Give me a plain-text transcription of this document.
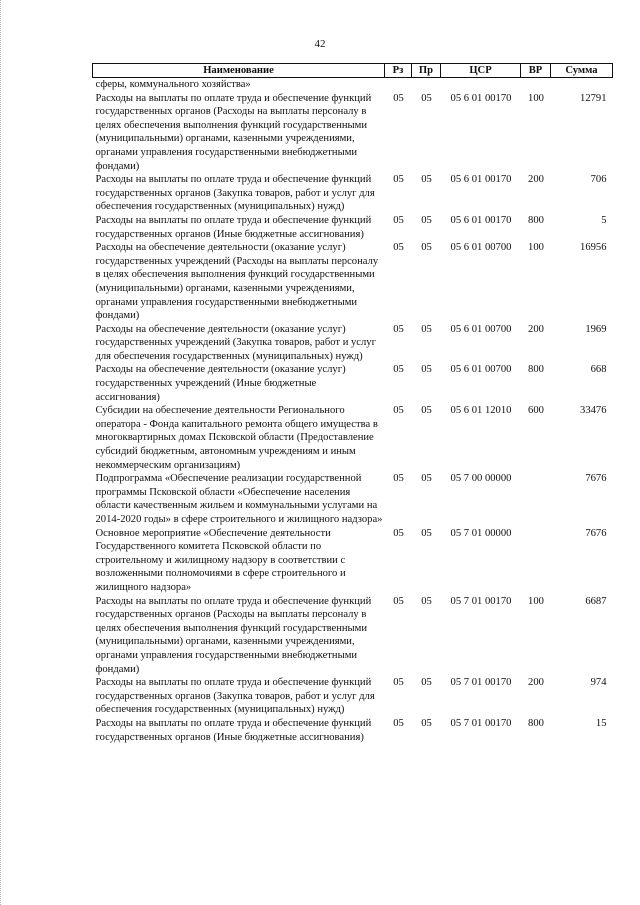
42
Наименование	Рз	Пр	ЦСР	ВР	Сумма
сферы, коммунального хозяйства»					
Расходы на выплаты по оплате труда и обеспечение функций государственных органов (Расходы на выплаты персоналу в целях обеспечения выполнения функций государственными (муниципальными) органами, казенными учреждениями, органами управления государственными внебюджетными фондами)	05	05	05 6 01 00170	100	12791
Расходы на выплаты по оплате труда и обеспечение функций государственных органов (Закупка товаров, работ и услуг для обеспечения государственных (муниципальных) нужд)	05	05	05 6 01 00170	200	706
Расходы на выплаты по оплате труда и обеспечение функций государственных органов (Иные бюджетные ассигнования)	05	05	05 6 01 00170	800	5
Расходы на обеспечение деятельности (оказание услуг) государственных учреждений (Расходы на выплаты персоналу в целях обеспечения выполнения функций государственными (муниципальными) органами, казенными учреждениями, органами управления государственными внебюджетными фондами)	05	05	05 6 01 00700	100	16956
Расходы на обеспечение деятельности (оказание услуг) государственных учреждений (Закупка товаров, работ и услуг для обеспечения государственных (муниципальных) нужд)	05	05	05 6 01 00700	200	1969
Расходы на обеспечение деятельности (оказание услуг) государственных учреждений (Иные бюджетные ассигнования)	05	05	05 6 01 00700	800	668
Субсидии на обеспечение деятельности Регионального оператора - Фонда капитального ремонта общего имущества в многоквартирных домах Псковской области (Предоставление субсидий бюджетным, автономным учреждениям и иным некоммерческим организациям)	05	05	05 6 01 12010	600	33476
Подпрограмма «Обеспечение реализации государственной программы Псковской области «Обеспечение населения области качественным жильем и коммунальными услугами на 2014-2020 годы» в сфере строительного и жилищного надзора»	05	05	05 7 00 00000		7676
Основное мероприятие «Обеспечение деятельности Государственного комитета Псковской области по строительному и жилищному надзору в соответствии с возложенными полномочиями в сфере строительного и жилищного надзора»	05	05	05 7 01 00000		7676
Расходы на выплаты по оплате труда и обеспечение функций государственных органов (Расходы на выплаты персоналу в целях обеспечения выполнения функций государственными (муниципальными) органами, казенными учреждениями, органами управления государственными внебюджетными фондами)	05	05	05 7 01 00170	100	6687
Расходы на выплаты по оплате труда и обеспечение функций государственных органов (Закупка товаров, работ и услуг для обеспечения государственных (муниципальных) нужд)	05	05	05 7 01 00170	200	974
Расходы на выплаты по оплате труда и обеспечение функций государственных органов (Иные бюджетные ассигнования)	05	05	05 7 01 00170	800	15
